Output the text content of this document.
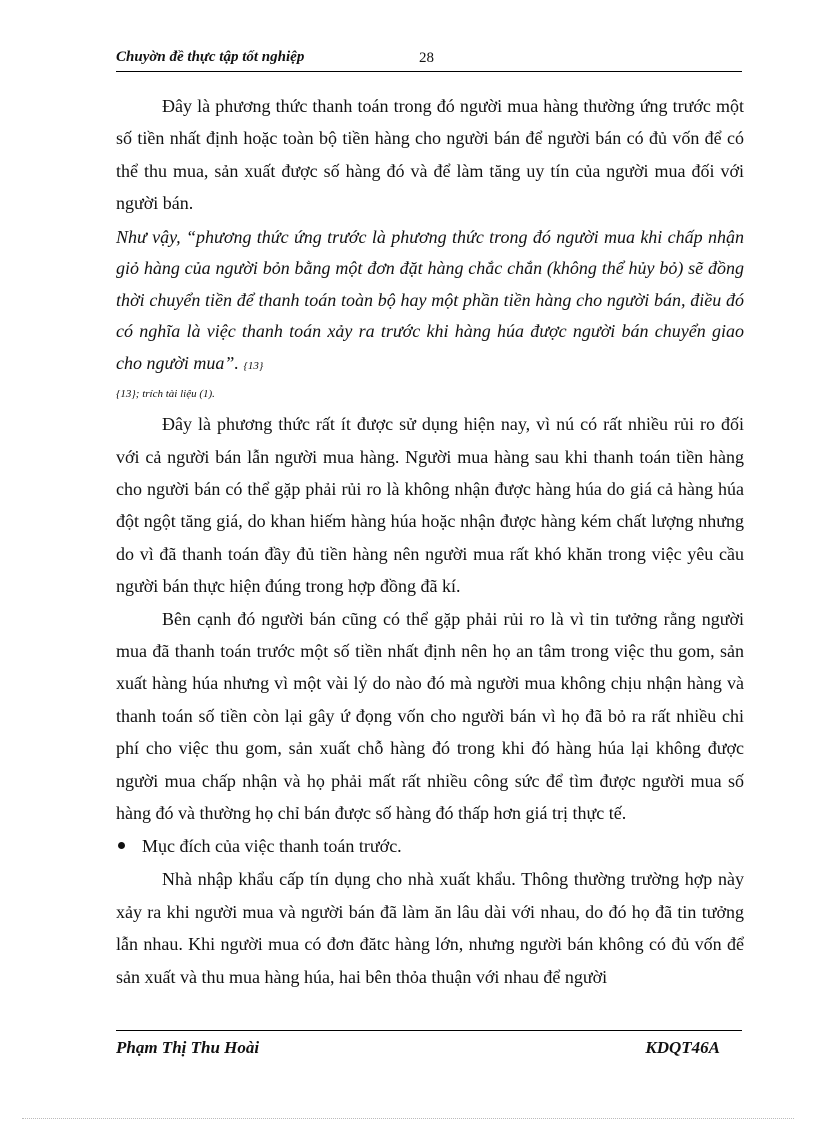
Chuyờn đề thực tập tốt nghiệp	28

Đây là phương thức thanh toán trong đó người mua hàng thường ứng trước một số tiền nhất định hoặc toàn bộ tiền hàng cho người bán để người bán có đủ vốn để có thể thu mua, sản xuất được số hàng đó và để làm tăng uy tín của người mua đối với người bán.

Như vậy, “phương thức ứng trước là phương thức trong đó người mua khi chấp nhận giỏ hàng của người bỏn bằng một đơn đặt hàng chắc chắn (không thể hủy bỏ) sẽ đồng thời chuyển tiền để thanh toán toàn bộ hay một phần tiền hàng cho người bán, điều đó có nghĩa là việc thanh toán xảy ra trước khi hàng húa được người bán chuyển giao cho người mua”. {13}

{13}; trích tài liệu (1).

Đây là phương thức rất ít được sử dụng hiện nay, vì nú có rất nhiều rủi ro đối với cả người bán lẫn người mua hàng. Người mua hàng sau khi thanh toán tiền hàng cho người bán có thể gặp phải rủi ro là không nhận được hàng húa do giá cả hàng húa đột ngột tăng giá, do khan hiếm hàng húa hoặc nhận được hàng kém chất lượng nhưng do vì đã thanh toán đầy đủ tiền hàng nên người mua rất khó khăn trong việc yêu cầu người bán thực hiện đúng trong hợp đồng đã kí.

Bên cạnh đó người bán cũng có thể gặp phải rủi ro là vì tin tưởng rằng người mua đã thanh toán trước một số tiền nhất định nên họ an tâm trong việc thu gom, sản xuất hàng húa nhưng vì một vài lý do nào đó mà người mua không chịu nhận hàng và thanh toán số tiền còn lại gây ứ đọng vốn cho người bán vì họ đã bỏ ra rất nhiều chi phí cho việc thu gom, sản xuất chỗ hàng đó trong khi đó hàng húa lại không được người mua chấp nhận và họ phải mất rất nhiều công sức để tìm được người mua số hàng đó và thường họ chỉ bán được số hàng đó thấp hơn giá trị thực tế.

Mục đích của việc thanh toán trước.

Nhà nhập khẩu cấp tín dụng cho nhà xuất khẩu. Thông thường trường hợp này xảy ra khi người mua và người bán đã làm ăn lâu dài với nhau, do đó họ đã tin tưởng lẫn nhau. Khi người mua có đơn đătc hàng lớn, nhưng người bán không có đủ vốn để sản xuất và thu mua hàng húa, hai bên thỏa thuận với nhau để người

Phạm Thị Thu Hoài	KDQT46A
